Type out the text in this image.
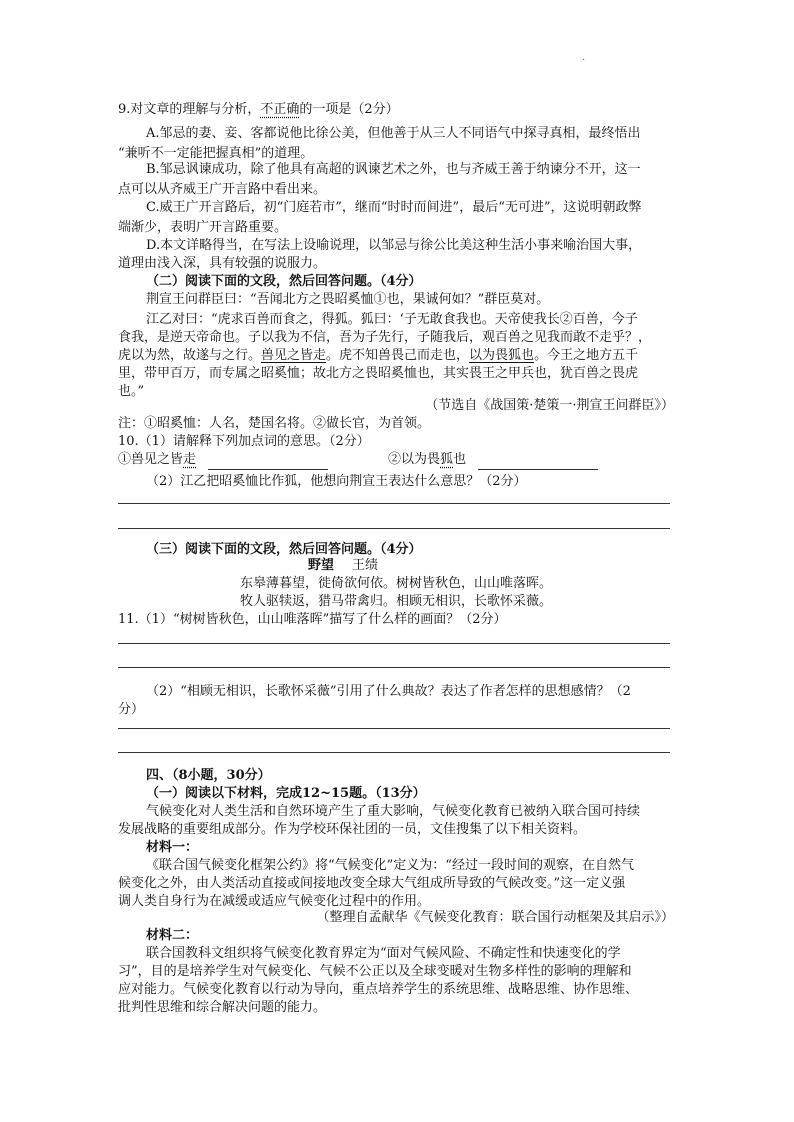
.
9.对文章的理解与分析，不正确的一项是（2分）
A.邹忌的妻、妾、客都说他比徐公美，但他善于从三人不同语气中探寻真相，最终悟出
“兼听不一定能把握真相”的道理。
B.邹忌讽谏成功，除了他具有高超的讽谏艺术之外，也与齐威王善于纳谏分不开，这一
点可以从齐威王广开言路中看出来。
C.威王广开言路后，初“门庭若市”，继而“时时而间进”，最后“无可进”，这说明朝政弊
端渐少，表明广开言路重要。
D.本文详略得当，在写法上设喻说理，以邹忌与徐公比美这种生活小事来喻治国大事，
道理由浅入深，具有较强的说服力。
（二）阅读下面的文段，然后回答问题。（4分）
荆宣王问群臣曰：“吾闻北方之畏昭奚恤①也，果诚何如？”群臣莫对。
江乙对曰：“虎求百兽而食之，得狐。狐曰：‘子无敢食我也。天帝使我长②百兽，今子
食我，是逆天帝命也。子以我为不信，吾为子先行，子随我后，观百兽之见我而敢不走乎？，
虎以为然，故遂与之行。兽见之皆走。虎不知兽畏己而走也，以为畏狐也。今王之地方五千
里，带甲百万，而专属之昭奚恤；故北方之畏昭奚恤也，其实畏王之甲兵也，犹百兽之畏虎
也。”
（节选自《战国策·楚策一·荆宣王问群臣》）
注：①昭奚恤：人名，楚国名将。②做长官，为首领。
10.（1）请解释下列加点词的意思。（2分）
①兽见之皆走	②以为畏狐也
（2）江乙把昭奚恤比作狐，他想向荆宣王表达什么意思？（2分）
（三）阅读下面的文段，然后回答问题。（4分）
野望 王绩
东皋薄暮望，徙倚欲何依。树树皆秋色，山山唯落晖。
牧人驱犊返，猎马带禽归。相顾无相识，长歌怀采薇。
11.（1）“树树皆秋色，山山唯落晖”描写了什么样的画面？（2分）
（2）“相顾无相识，长歌怀采薇”引用了什么典故？表达了作者怎样的思想感情？（2
分）
四、（8小题，30分）
（一）阅读以下材料，完成12~15题。（13分）
气候变化对人类生活和自然环境产生了重大影响，气候变化教育已被纳入联合国可持续
发展战略的重要组成部分。作为学校环保社团的一员，文佳搜集了以下相关资料。
材料一：
《联合国气候变化框架公约》将“气候变化”定义为：“经过一段时间的观察，在自然气
候变化之外，由人类活动直接或间接地改变全球大气组成所导致的气候改变。”这一定义强
调人类自身行为在减缓或适应气候变化过程中的作用。
（整理自孟献华《气候变化教育：联合国行动框架及其启示》）
材料二：
联合国教科文组织将气候变化教育界定为“面对气候风险、不确定性和快速变化的学
习”，目的是培养学生对气候变化、气候不公正以及全球变暖对生物多样性的影响的理解和
应对能力。气候变化教育以行动为导向，重点培养学生的系统思维、战略思维、协作思维、
批判性思维和综合解决问题的能力。
